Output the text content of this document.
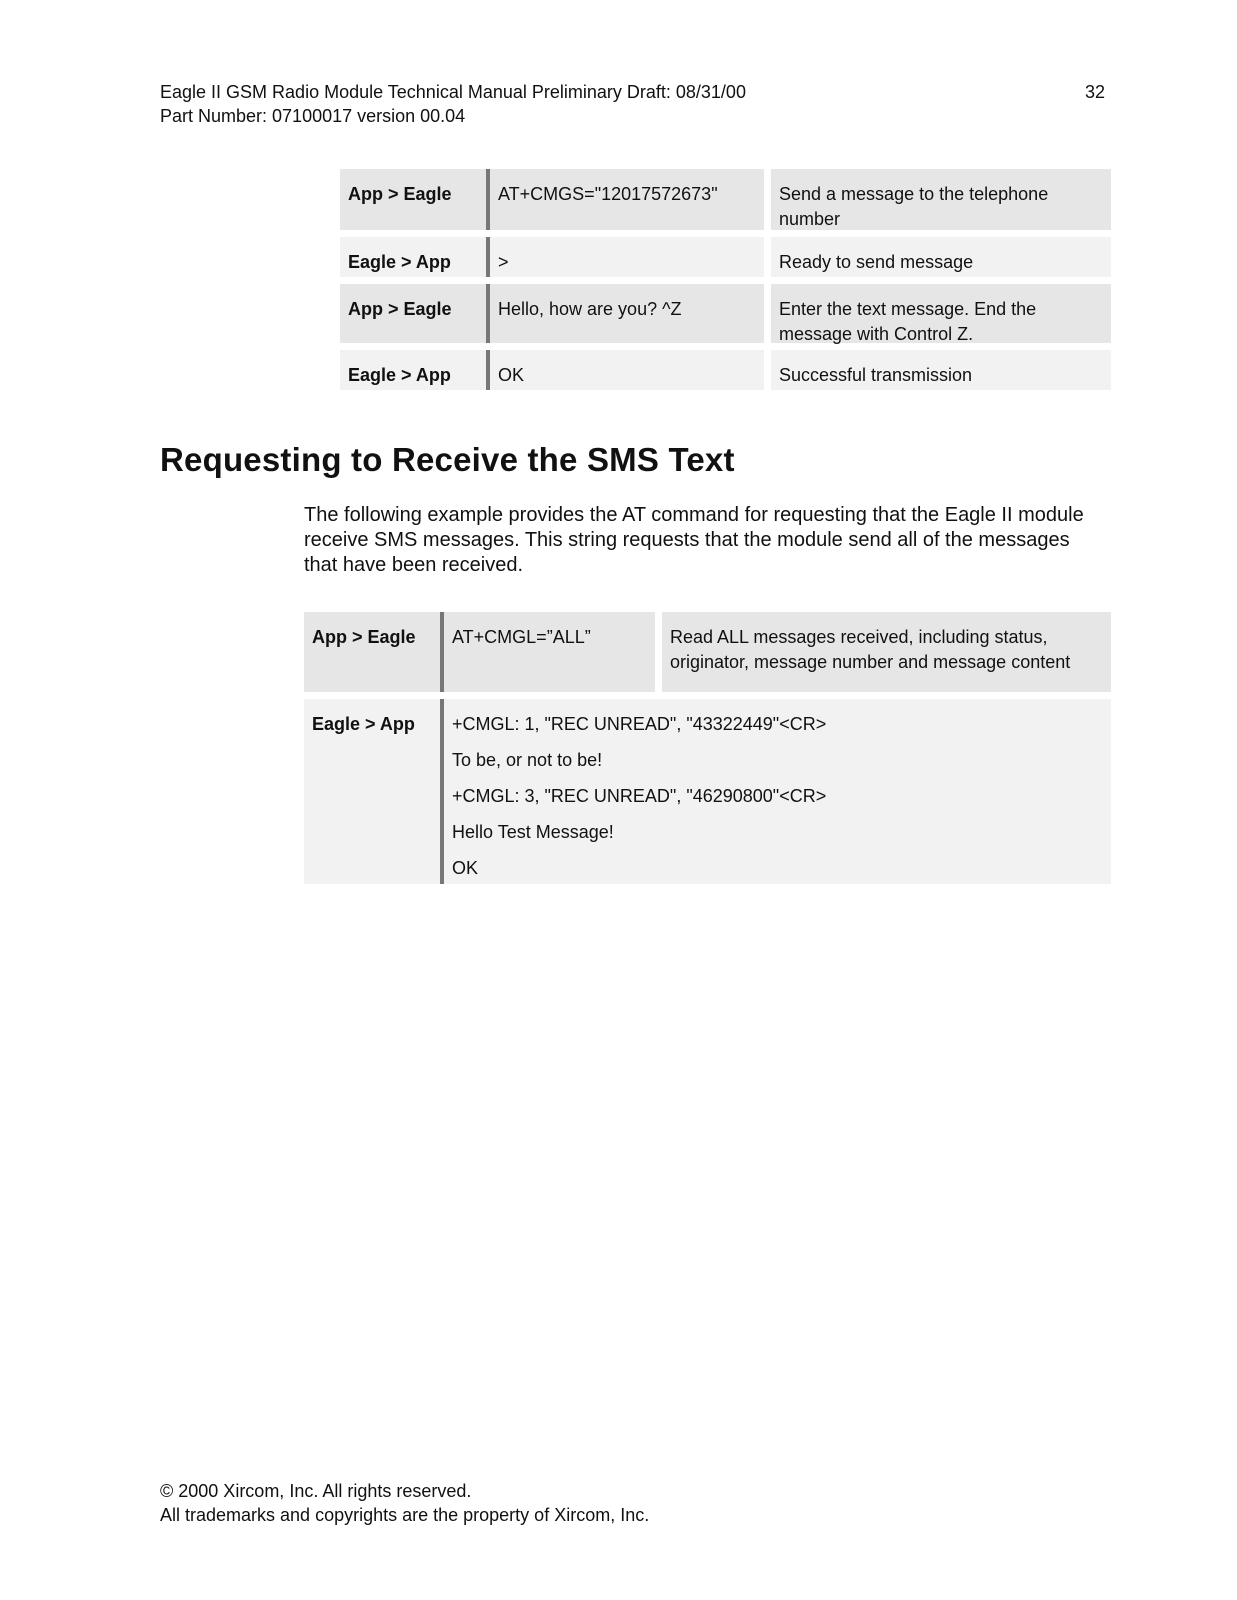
Eagle II GSM Radio Module Technical Manual Preliminary Draft: 08/31/00
Part Number: 07100017 version 00.04
32
App > Eagle	AT+CMGS="12017572673"	Send a message to the telephone number
Eagle > App	>	Ready to send message
App > Eagle	Hello, how are you? ^Z	Enter the text message. End the message with Control Z.
Eagle > App	OK	Successful transmission
Requesting to Receive the SMS Text

The following example provides the AT command for requesting that the Eagle II module receive SMS messages. This string requests that the module send all of the messages that have been received.

App > Eagle	AT+CMGL=”ALL”	Read ALL messages received, including status, originator, message number and message content
Eagle > App	+CMGL: 1, "REC UNREAD", "43322449"<CR>
To be, or not to be!
+CMGL: 3, "REC UNREAD", "46290800"<CR>
Hello Test Message!
OK
© 2000 Xircom, Inc. All rights reserved.
All trademarks and copyrights are the property of Xircom, Inc.
